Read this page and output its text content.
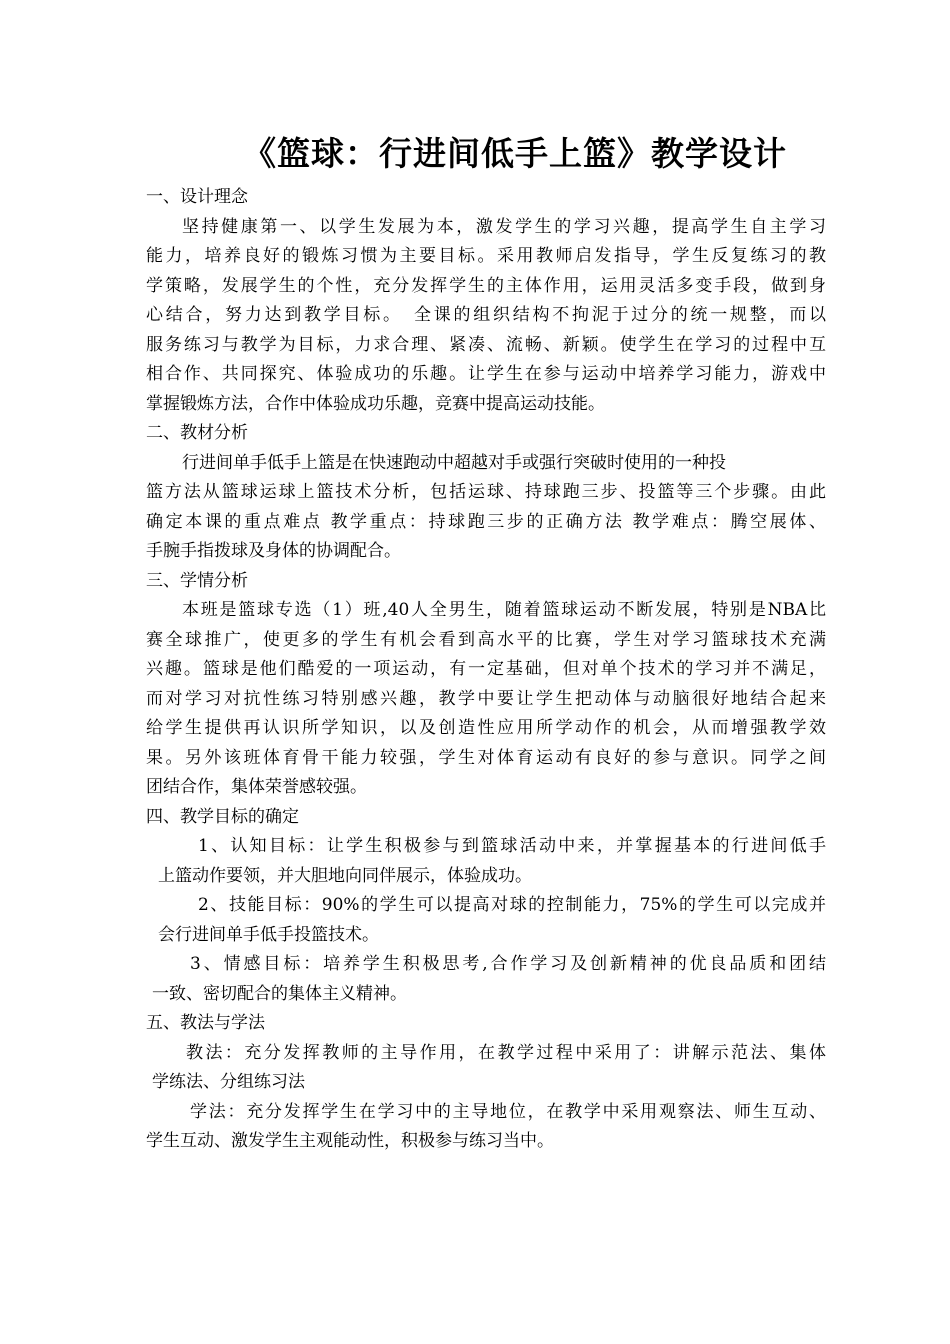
《篮球：行进间低手上篮》教学设计
一、设计理念
坚持健康第一、以学生发展为本，激发学生的学习兴趣，提高学生自主学习
能力，培养良好的锻炼习惯为主要目标。采用教师启发指导，学生反复练习的教
学策略，发展学生的个性，充分发挥学生的主体作用，运用灵活多变手段，做到身
心结合，努力达到教学目标。　全课的组织结构不拘泥于过分的统一规整，而以
服务练习与教学为目标，力求合理、紧凑、流畅、新颖。使学生在学习的过程中互
相合作、共同探究、体验成功的乐趣。让学生在参与运动中培养学习能力，游戏中
掌握锻炼方法，合作中体验成功乐趣，竞赛中提高运动技能。
二、教材分析
行进间单手低手上篮是在快速跑动中超越对手或强行突破时使用的一种投
篮方法从篮球运球上篮技术分析，包括运球、持球跑三步、投篮等三个步骤。由此
确定本课的重点难点 教学重点：持球跑三步的正确方法 教学难点：腾空展体、
手腕手指拨球及身体的协调配合。
三、学情分析
本班是篮球专选（1）班,40人全男生，随着篮球运动不断发展，特别是NBA比
赛全球推广，使更多的学生有机会看到高水平的比赛，学生对学习篮球技术充满
兴趣。篮球是他们酷爱的一项运动，有一定基础，但对单个技术的学习并不满足，
而对学习对抗性练习特别感兴趣，教学中要让学生把动体与动脑很好地结合起来
给学生提供再认识所学知识，以及创造性应用所学动作的机会，从而增强教学效
果。另外该班体育骨干能力较强，学生对体育运动有良好的参与意识。同学之间
团结合作，集体荣誉感较强。
四、教学目标的确定
1、认知目标：让学生积极参与到篮球活动中来，并掌握基本的行进间低手
上篮动作要领，并大胆地向同伴展示，体验成功。
2、技能目标：90%的学生可以提高对球的控制能力，75%的学生可以完成并
会行进间单手低手投篮技术。
3、情感目标：培养学生积极思考,合作学习及创新精神的优良品质和团结
一致、密切配合的集体主义精神。
五、教法与学法
教法：充分发挥教师的主导作用，在教学过程中采用了：讲解示范法、集体
学练法、分组练习法
学法：充分发挥学生在学习中的主导地位，在教学中采用观察法、师生互动、
学生互动、激发学生主观能动性，积极参与练习当中。
